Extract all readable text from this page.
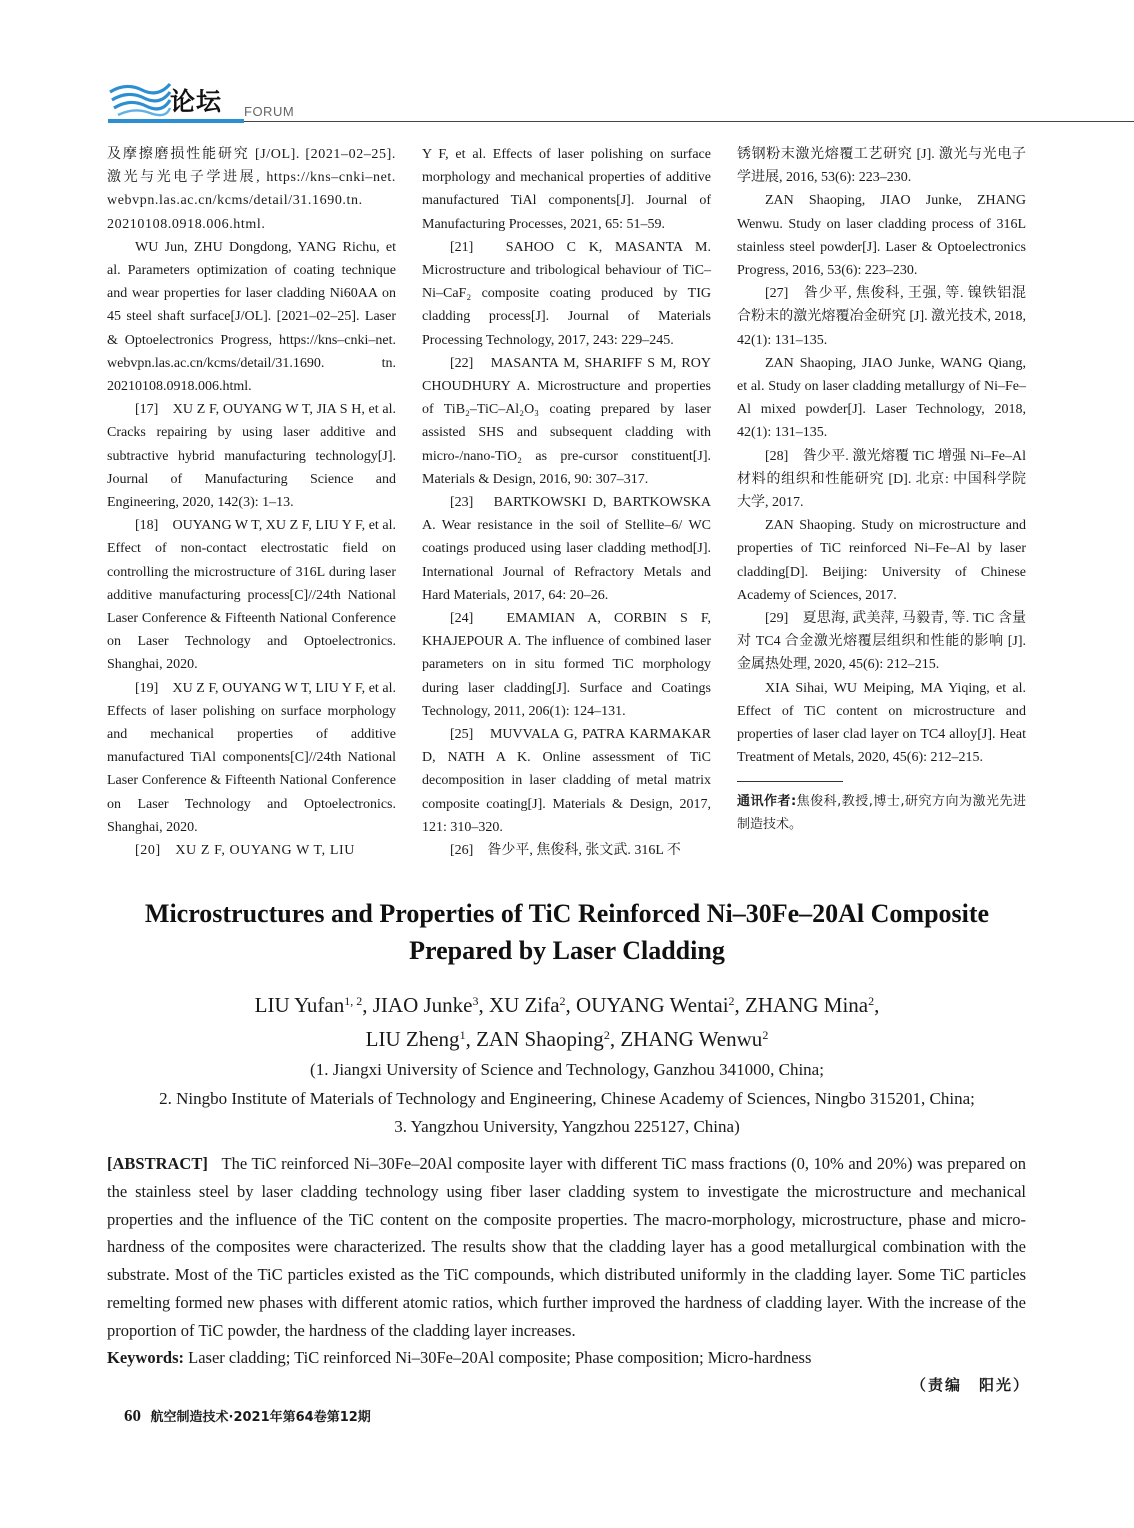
论坛 FORUM

及摩擦磨损性能研究 [J/OL]. [2021–02–25]. 激光与光电子学进展, https://kns–cnki–net. webvpn.las.ac.cn/kcms/detail/31.1690.tn. 20210108.0918.006.html.

WU Jun, ZHU Dongdong, YANG Richu, et al. Parameters optimization of coating technique and wear properties for laser cladding Ni60AA on 45 steel shaft surface[J/OL]. [2021–02–25]. Laser & Optoelectronics Progress, https://kns–cnki–net. webvpn.las.ac.cn/kcms/detail/31.1690. tn. 20210108.0918.006.html.

[17]　XU Z F, OUYANG W T, JIA S H, et al. Cracks repairing by using laser additive and subtractive hybrid manufacturing technology[J]. Journal of Manufacturing Science and Engineering, 2020, 142(3): 1–13.

[18]　OUYANG W T, XU Z F, LIU Y F, et al. Effect of non-contact electrostatic field on controlling the microstructure of 316L during laser additive manufacturing process[C]//24th National Laser Conference & Fifteenth National Conference on Laser Technology and Optoelectronics. Shanghai, 2020.

[19]　XU Z F, OUYANG W T, LIU Y F, et al. Effects of laser polishing on surface morphology and mechanical properties of additive manufactured TiAl components[C]//24th National Laser Conference & Fifteenth National Conference on Laser Technology and Optoelectronics. Shanghai, 2020.

[20]　XU Z F, OUYANG W T, LIU

Y F, et al. Effects of laser polishing on surface morphology and mechanical properties of additive manufactured TiAl components[J]. Journal of Manufacturing Processes, 2021, 65: 51–59.

[21]　SAHOO C K, MASANTA M. Microstructure and tribological behaviour of TiC–Ni–CaF₂ composite coating produced by TIG cladding process[J]. Journal of Materials Processing Technology, 2017, 243: 229–245.

[22]　MASANTA M, SHARIFF S M, ROY CHOUDHURY A. Microstructure and properties of TiB₂–TiC–Al₂O₃ coating prepared by laser assisted SHS and subsequent cladding with micro-/nano-TiO₂ as pre-cursor constituent[J]. Materials & Design, 2016, 90: 307–317.

[23]　BARTKOWSKI D, BARTKOWSKA A. Wear resistance in the soil of Stellite–6/ WC coatings produced using laser cladding method[J]. International Journal of Refractory Metals and Hard Materials, 2017, 64: 20–26.

[24]　EMAMIAN A, CORBIN S F, KHAJEPOUR A. The influence of combined laser parameters on in situ formed TiC morphology during laser cladding[J]. Surface and Coatings Technology, 2011, 206(1): 124–131.

[25]　MUVVALA G, PATRA KARMAKAR D, NATH A K. Online assessment of TiC decomposition in laser cladding of metal matrix composite coating[J]. Materials & Design, 2017, 121: 310–320.

[26]　昝少平, 焦俊科, 张文武. 316L 不

锈钢粉末激光熔覆工艺研究 [J]. 激光与光电子学进展, 2016, 53(6): 223–230.

ZAN Shaoping, JIAO Junke, ZHANG Wenwu. Study on laser cladding process of 316L stainless steel powder[J]. Laser & Optoelectronics Progress, 2016, 53(6): 223–230.

[27]　昝少平, 焦俊科, 王强, 等. 镍铁铝混合粉末的激光熔覆冶金研究 [J]. 激光技术, 2018, 42(1): 131–135.

ZAN Shaoping, JIAO Junke, WANG Qiang, et al. Study on laser cladding metallurgy of Ni–Fe–Al mixed powder[J]. Laser Technology, 2018, 42(1): 131–135.

[28]　昝少平. 激光熔覆 TiC 增强 Ni–Fe–Al 材料的组织和性能研究 [D]. 北京: 中国科学院大学, 2017.

ZAN Shaoping. Study on microstructure and properties of TiC reinforced Ni–Fe–Al by laser cladding[D]. Beijing: University of Chinese Academy of Sciences, 2017.

[29]　夏思海, 武美萍, 马毅青, 等. TiC 含量对 TC4 合金激光熔覆层组织和性能的影响 [J]. 金属热处理, 2020, 45(6): 212–215.

XIA Sihai, WU Meiping, MA Yiqing, et al. Effect of TiC content on microstructure and properties of laser clad layer on TC4 alloy[J]. Heat Treatment of Metals, 2020, 45(6): 212–215.

通讯作者:焦俊科,教授,博士,研究方向为激光先进制造技术。

Microstructures and Properties of TiC Reinforced Ni–30Fe–20Al Composite
Prepared by Laser Cladding
LIU Yufan$^{1, 2}$, JIAO Junke$^3$, XU Zifa$^2$, OUYANG Wentai$^2$, ZHANG Mina$^2$,
LIU Zheng$^1$, ZAN Shaoping$^2$, ZHANG Wenwu$^2$
(1. Jiangxi University of Science and Technology, Ganzhou 341000, China;
2. Ningbo Institute of Materials of Technology and Engineering, Chinese Academy of Sciences, Ningbo 315201, China;
3. Yangzhou University, Yangzhou 225127, China)
[ABSTRACT] The TiC reinforced Ni–30Fe–20Al composite layer with different TiC mass fractions (0, 10% and 20%) was prepared on the stainless steel by laser cladding technology using fiber laser cladding system to investigate the microstructure and mechanical properties and the influence of the TiC content on the composite properties. The macro-morphology, microstructure, phase and micro-hardness of the composites were characterized. The results show that the cladding layer has a good metallurgical combination with the substrate. Most of the TiC particles existed as the TiC compounds, which distributed uniformly in the cladding layer. Some TiC particles remelting formed new phases with different atomic ratios, which further improved the hardness of cladding layer. With the increase of the proportion of TiC powder, the hardness of the cladding layer increases.
Keywords: Laser cladding; TiC reinforced Ni–30Fe–20Al composite; Phase composition; Micro-hardness
（责编　阳光）
60 航空制造技术·2021年第64卷第12期
